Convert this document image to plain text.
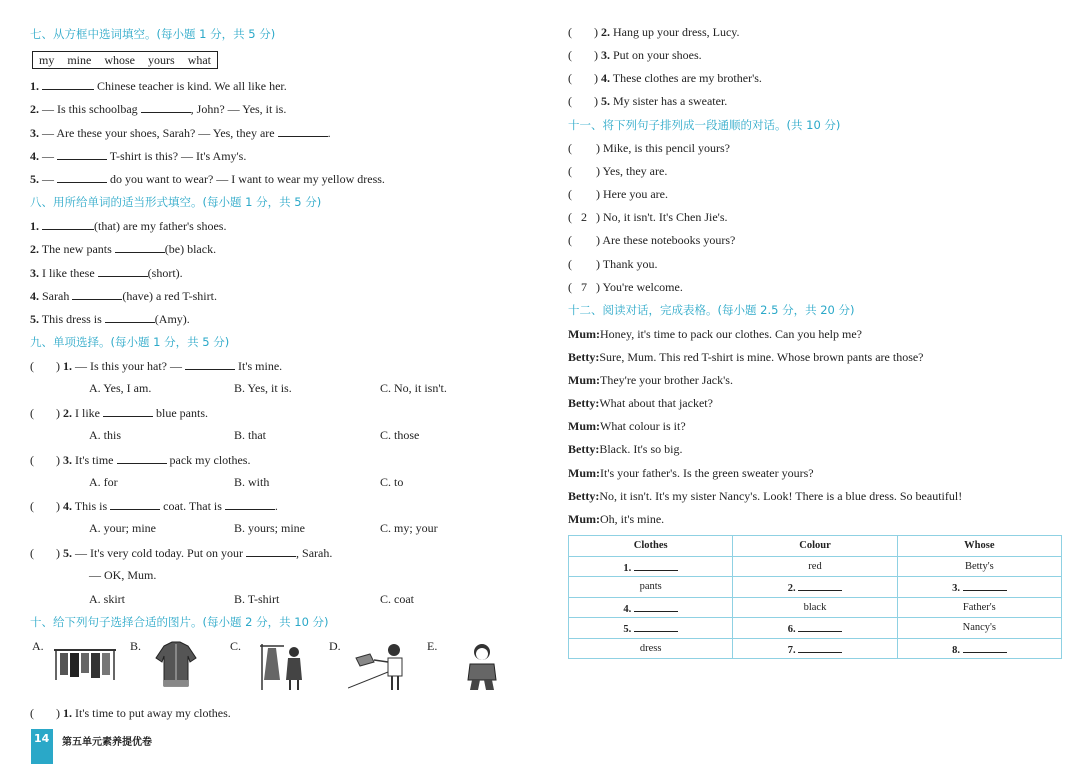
七、从方框中选词填空。(每小题 1 分，共 5 分)
my mine whose yours what
1.	Chinese teacher is kind. We all like her.
2. — Is this schoolbag	, John? — Yes, it is.
3. — Are these your shoes, Sarah? — Yes, they are	.
4. —	T-shirt is this? — It's Amy's.
5. —	do you want to wear? — I want to wear my yellow dress.
八、用所给单词的适当形式填空。(每小题 1 分，共 5 分)
1.	(that) are my father's shoes.
2. The new pants	(be) black.
3. I like these	(short).
4. Sarah	(have) a red T-shirt.
5. This dress is	(Amy).
九、单项选择。(每小题 1 分，共 5 分)
( ) 1. — Is this your hat? —	It's mine.
A. Yes, I am.	B. Yes, it is.	C. No, it isn't.
( ) 2. I like	blue pants.
A. this	B. that	C. those
( ) 3. It's time	pack my clothes.
A. for	B. with	C. to
( ) 4. This is	coat. That is	.
A. your; mine	B. yours; mine	C. my; your
( ) 5. — It's very cold today. Put on your	, Sarah.
— OK, Mum.
A. skirt	B. T-shirt	C. coat
十、给下列句子选择合适的图片。(每小题 2 分，共 10 分)
A.	B.	C.	D.	E.
( ) 1. It's time to put away my clothes.
14 第五单元素养提优卷
( ) 2. Hang up your dress, Lucy.
( ) 3. Put on your shoes.
( ) 4. These clothes are my brother's.
( ) 5. My sister has a sweater.
十一、将下列句子排列成一段通顺的对话。(共 10 分)
( ) Mike, is this pencil yours?
( ) Yes, they are.
( ) Here you are.
( 2 ) No, it isn't. It's Chen Jie's.
( ) Are these notebooks yours?
( ) Thank you.
( 7 ) You're welcome.
十二、阅读对话，完成表格。(每小题 2.5 分，共 20 分)
Mum:Honey, it's time to pack our clothes. Can you help me?
Betty:Sure, Mum. This red T-shirt is mine. Whose brown pants are those?
Mum:They're your brother Jack's.
Betty:What about that jacket?
Mum:What colour is it?
Betty:Black. It's so big.
Mum:It's your father's. Is the green sweater yours?
Betty:No, it isn't. It's my sister Nancy's. Look! There is a blue dress. So beautiful!
Mum:Oh, it's mine.
Clothes	Colour	Whose
1.	red	Betty's
pants	2.	3.
4.	black	Father's
5.	6.	Nancy's
dress	7.	8.
